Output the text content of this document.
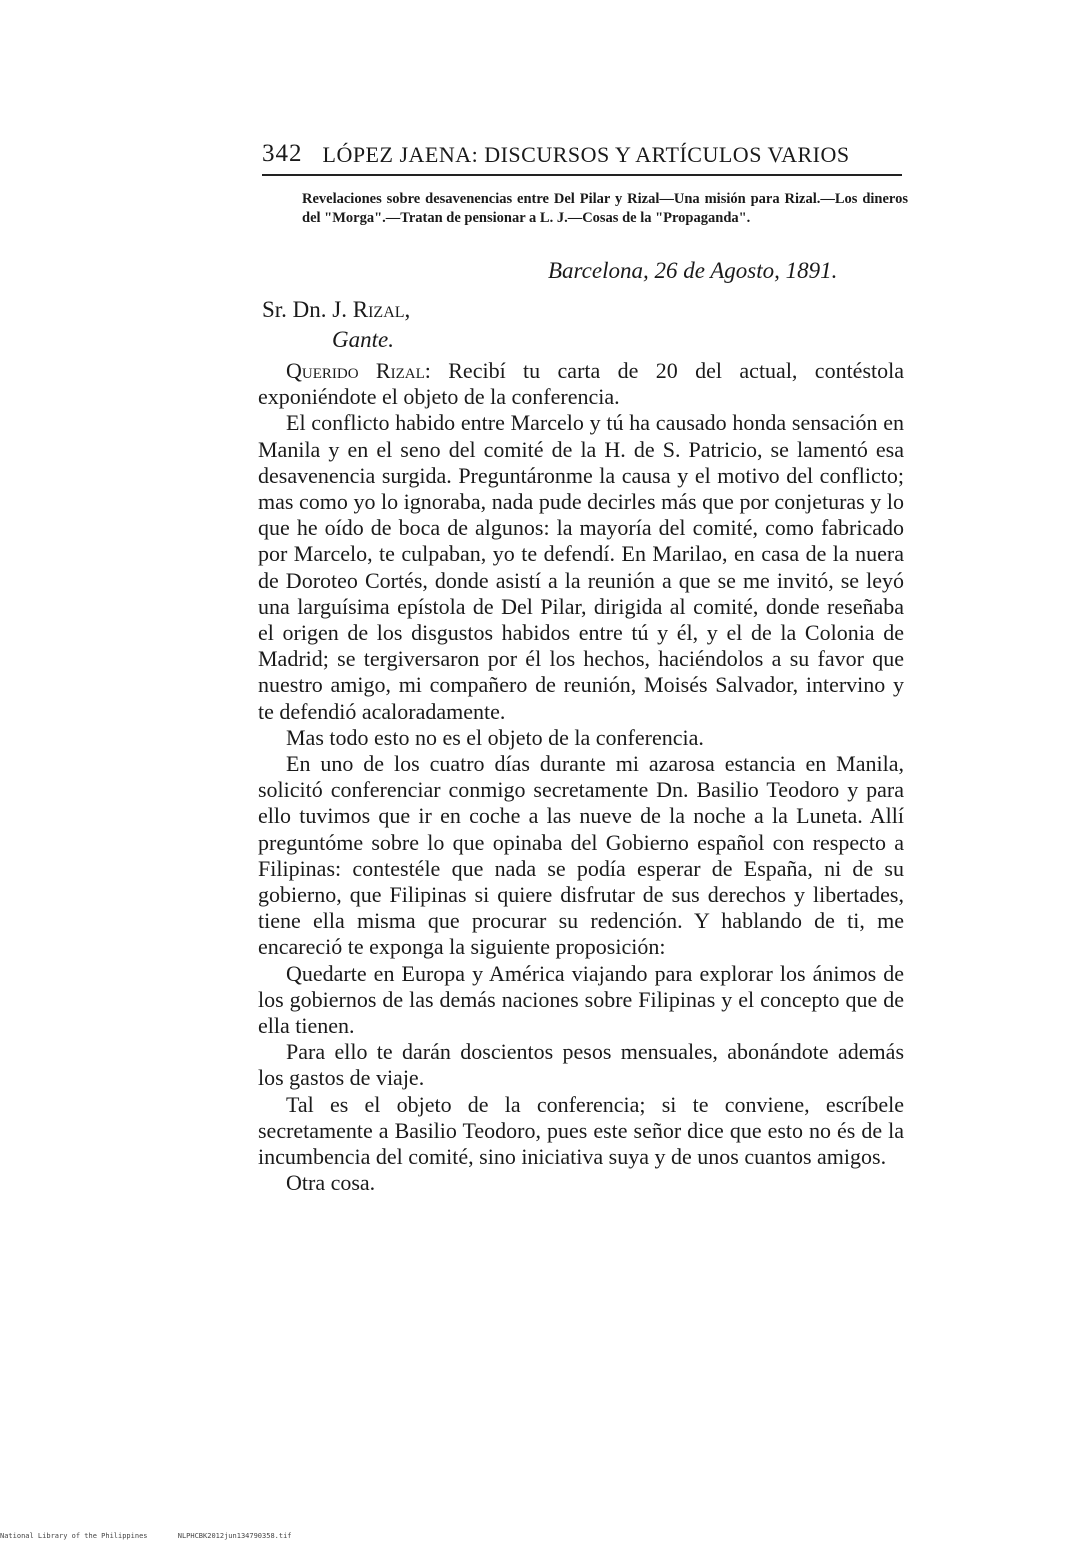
342 LÓPEZ JAENA: DISCURSOS Y ARTÍCULOS VARIOS
Revelaciones sobre desavenencias entre Del Pilar y Rizal—Una misión para Rizal.—Los dineros del "Morga".—Tratan de pensionar a L. J.—Cosas de la "Propaganda".
Barcelona, 26 de Agosto, 1891.
Sr. Dn. J. Rizal,
Gante.

Querido Rizal: Recibí tu carta de 20 del actual, contéstola exponiéndote el objeto de la conferencia.

El conflicto habido entre Marcelo y tú ha causado honda sensación en Manila y en el seno del comité de la H. de S. Patricio, se lamentó esa desavenencia surgida. Preguntáronme la causa y el motivo del conflicto; mas como yo lo ignoraba, nada pude decirles más que por conjeturas y lo que he oído de boca de algunos: la mayoría del comité, como fabricado por Marcelo, te culpaban, yo te defendí. En Marilao, en casa de la nuera de Doroteo Cortés, donde asistí a la reunión a que se me invitó, se leyó una larguísima epístola de Del Pilar, dirigida al comité, donde reseñaba el origen de los disgustos habidos entre tú y él, y el de la Colonia de Madrid; se tergiversaron por él los hechos, haciéndolos a su favor que nuestro amigo, mi compañero de reunión, Moisés Salvador, intervino y te defendió acaloradamente.

Mas todo esto no es el objeto de la conferencia.

En uno de los cuatro días durante mi azarosa estancia en Manila, solicitó conferenciar conmigo secretamente Dn. Basilio Teodoro y para ello tuvimos que ir en coche a las nueve de la noche a la Luneta. Allí preguntóme sobre lo que opinaba del Gobierno español con respecto a Filipinas: contestéle que nada se podía esperar de España, ni de su gobierno, que Filipinas si quiere disfrutar de sus derechos y libertades, tiene ella misma que procurar su redención. Y hablando de ti, me encareció te exponga la siguiente proposición:

Quedarte en Europa y América viajando para explorar los ánimos de los gobiernos de las demás naciones sobre Filipinas y el concepto que de ella tienen.

Para ello te darán doscientos pesos mensuales, abonándote además los gastos de viaje.

Tal es el objeto de la conferencia; si te conviene, escríbele secretamente a Basilio Teodoro, pues este señor dice que esto no és de la incumbencia del comité, sino iniciativa suya y de unos cuantos amigos.

Otra cosa.

National Library of the Philippines	NLPHCBK2012jun134790358.tif
